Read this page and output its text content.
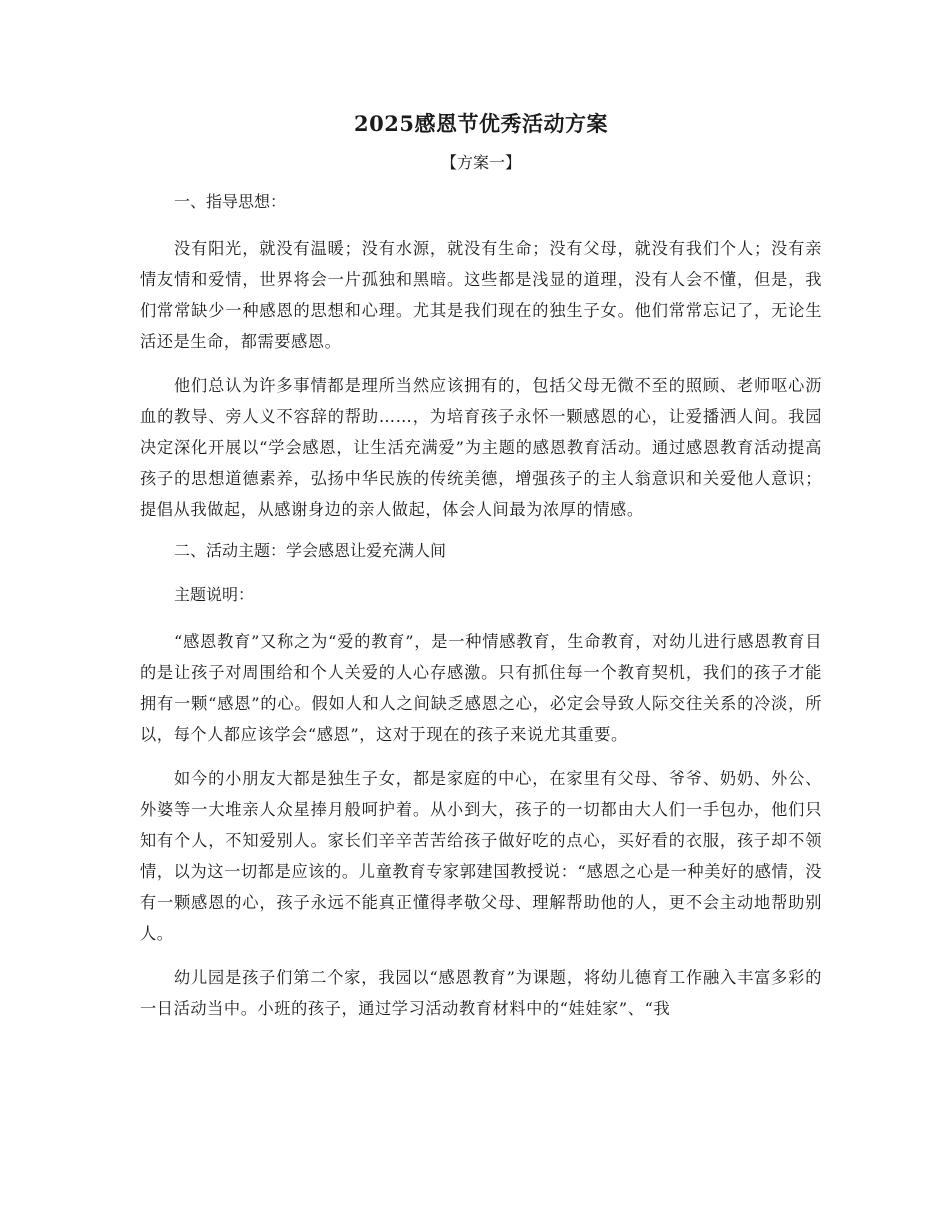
2025感恩节优秀活动方案
【方案一】
一、指导思想：

没有阳光，就没有温暖；没有水源，就没有生命；没有父母，就没有我们个人；没有亲情友情和爱情，世界将会一片孤独和黑暗。这些都是浅显的道理，没有人会不懂，但是，我们常常缺少一种感恩的思想和心理。尤其是我们现在的独生子女。他们常常忘记了，无论生活还是生命，都需要感恩。

他们总认为许多事情都是理所当然应该拥有的，包括父母无微不至的照顾、老师呕心沥血的教导、旁人义不容辞的帮助……，为培育孩子永怀一颗感恩的心，让爱播洒人间。我园决定深化开展以“学会感恩，让生活充满爱”为主题的感恩教育活动。通过感恩教育活动提高孩子的思想道德素养，弘扬中华民族的传统美德，增强孩子的主人翁意识和关爱他人意识；提倡从我做起，从感谢身边的亲人做起，体会人间最为浓厚的情感。

二、活动主题：学会感恩让爱充满人间
主题说明：

“感恩教育”又称之为“爱的教育”，是一种情感教育，生命教育，对幼儿进行感恩教育目的是让孩子对周围给和个人关爱的人心存感激。只有抓住每一个教育契机，我们的孩子才能拥有一颗“感恩”的心。假如人和人之间缺乏感恩之心，必定会导致人际交往关系的冷淡，所以，每个人都应该学会“感恩”，这对于现在的孩子来说尤其重要。

如今的小朋友大都是独生子女，都是家庭的中心，在家里有父母、爷爷、奶奶、外公、外婆等一大堆亲人众星捧月般呵护着。从小到大，孩子的一切都由大人们一手包办，他们只知有个人，不知爱别人。家长们辛辛苦苦给孩子做好吃的点心，买好看的衣服，孩子却不领情，以为这一切都是应该的。儿童教育专家郭建国教授说：“感恩之心是一种美好的感情，没有一颗感恩的心，孩子永远不能真正懂得孝敬父母、理解帮助他的人，更不会主动地帮助别人。

幼儿园是孩子们第二个家，我园以“感恩教育”为课题，将幼儿德育工作融入丰富多彩的一日活动当中。小班的孩子，通过学习活动教育材料中的“娃娃家”、“我
